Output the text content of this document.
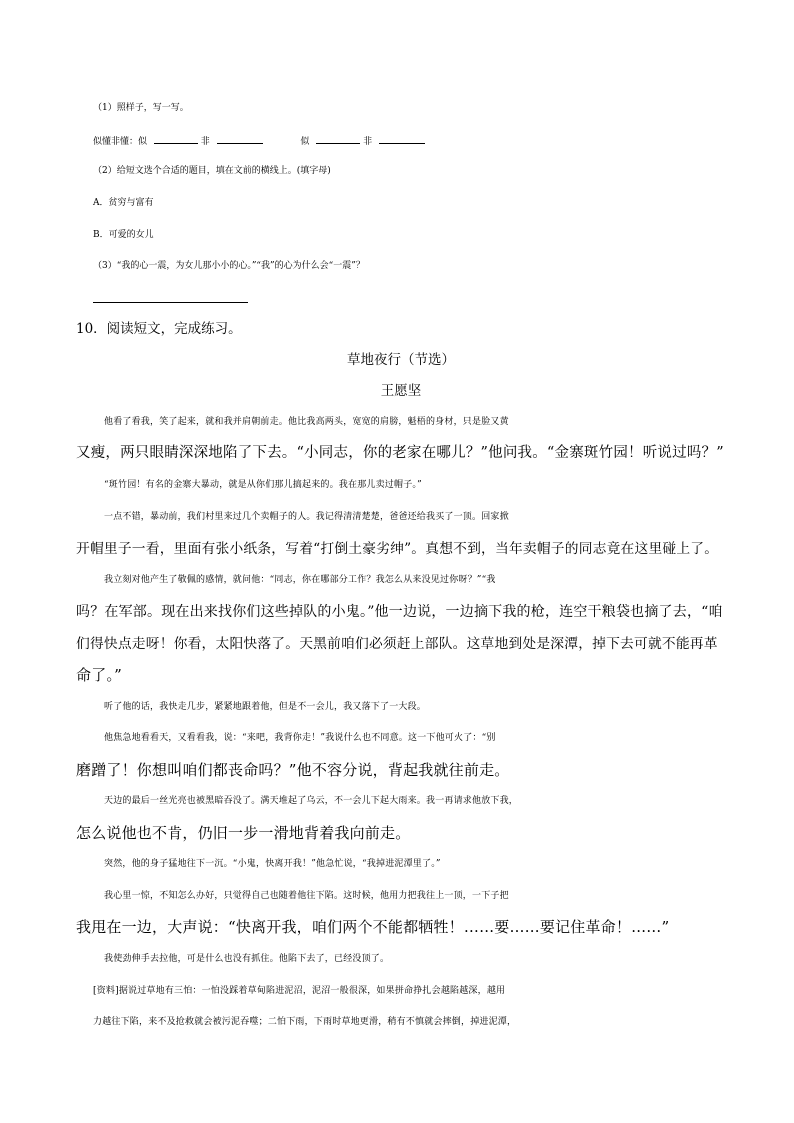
（1）照样子，写一写。
似懂非懂：似	非	似	非
（2）给短文选个合适的题目，填在文前的横线上。(填字母)
A．贫穷与富有
B．可爱的女儿
（3）“我的心一震，为女儿那小小的心。”“我”的心为什么会“一震”？
10．阅读短文，完成练习。
草地夜行（节选）
王愿坚
他看了看我，笑了起来，就和我并肩朝前走。他比我高两头，宽宽的肩膀，魁梧的身材，只是脸又黄
又瘦，两只眼睛深深地陷了下去。“小同志，你的老家在哪儿？”他问我。“金寨斑竹园！听说过吗？”
“斑竹园！有名的金寨大暴动，就是从你们那儿搞起来的。我在那儿卖过帽子。”
一点不错，暴动前，我们村里来过几个卖帽子的人。我记得清清楚楚，爸爸还给我买了一顶。回家掀
开帽里子一看，里面有张小纸条，写着“打倒土豪劣绅”。真想不到，当年卖帽子的同志竟在这里碰上了。
我立刻对他产生了敬佩的感情，就问他：“同志，你在哪部分工作？我怎么从来没见过你呀？”“我
吗？在军部。现在出来找你们这些掉队的小鬼。”他一边说，一边摘下我的枪，连空干粮袋也摘了去，“咱
们得快点走呀！你看，太阳快落了。天黑前咱们必须赶上部队。这草地到处是深潭，掉下去可就不能再革
命了。”
听了他的话，我快走几步，紧紧地跟着他，但是不一会儿，我又落下了一大段。
他焦急地看看天，又看看我，说：“来吧，我背你走！”我说什么也不同意。这一下他可火了：“别
磨蹭了！你想叫咱们都丧命吗？”他不容分说，背起我就往前走。
天边的最后一丝光亮也被黑暗吞没了。满天堆起了乌云，不一会儿下起大雨来。我一再请求他放下我，
怎么说他也不肯，仍旧一步一滑地背着我向前走。
突然，他的身子猛地往下一沉。“小鬼，快离开我！”他急忙说，“我掉进泥潭里了。”
我心里一惊，不知怎么办好，只觉得自己也随着他往下陷。这时候，他用力把我往上一顶，一下子把
我甩在一边，大声说：“快离开我，咱们两个不能都牺牲！……要……要记住革命！……”
我使劲伸手去拉他，可是什么也没有抓住。他陷下去了，已经没顶了。
[资料]据说过草地有三怕：一怕没踩着草甸陷进泥沼，泥沼一般很深，如果拼命挣扎会越陷越深，越用
力越往下陷，来不及抢救就会被污泥吞噬；二怕下雨，下雨时草地更滑，稍有不慎就会摔倒，掉进泥潭，
